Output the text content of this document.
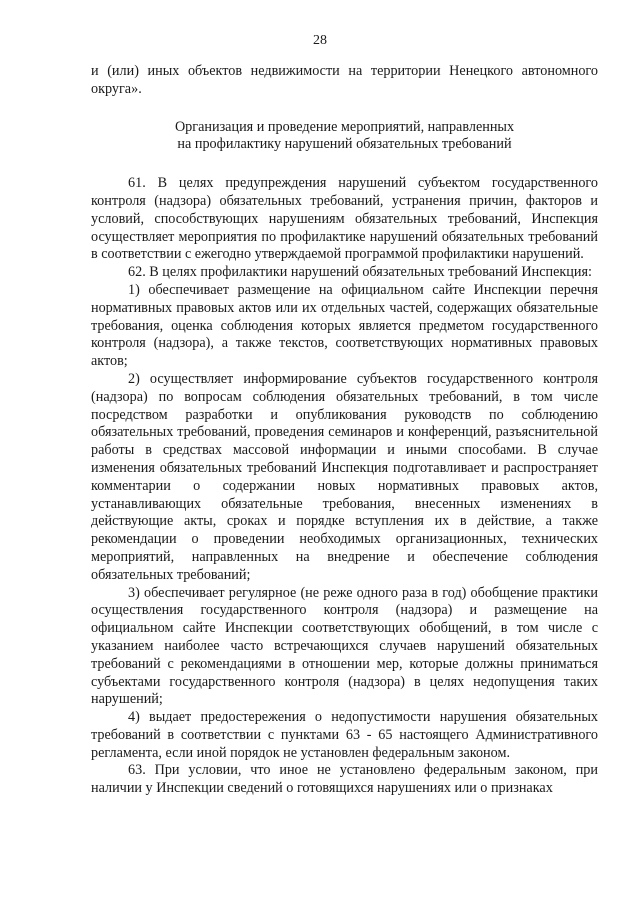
28

и (или) иных объектов недвижимости на территории Ненецкого автономного округа».

Организация и проведение мероприятий, направленных
на профилактику нарушений обязательных требований

61. В целях предупреждения нарушений субъектом государственного контроля (надзора) обязательных требований, устранения причин, факторов и условий, способствующих нарушениям обязательных требований, Инспекция осуществляет мероприятия по профилактике нарушений обязательных требований в соответствии с ежегодно утверждаемой программой профилактики нарушений.

62. В целях профилактики нарушений обязательных требований Инспекция:

1) обеспечивает размещение на официальном сайте Инспекции перечня нормативных правовых актов или их отдельных частей, содержащих обязательные требования, оценка соблюдения которых является предметом государственного контроля (надзора), а также текстов, соответствующих нормативных правовых актов;

2) осуществляет информирование субъектов государственного контроля (надзора) по вопросам соблюдения обязательных требований, в том числе посредством разработки и опубликования руководств по соблюдению обязательных требований, проведения семинаров и конференций, разъяснительной работы в средствах массовой информации и иными способами. В случае изменения обязательных требований Инспекция подготавливает и распространяет комментарии о содержании новых нормативных правовых актов, устанавливающих обязательные требования, внесенных изменениях в действующие акты, сроках и порядке вступления их в действие, а также рекомендации о проведении необходимых организационных, технических мероприятий, направленных на внедрение и обеспечение соблюдения обязательных требований;

3) обеспечивает регулярное (не реже одного раза в год) обобщение практики осуществления государственного контроля (надзора) и размещение на официальном сайте Инспекции соответствующих обобщений, в том числе с указанием наиболее часто встречающихся случаев нарушений обязательных требований с рекомендациями в отношении мер, которые должны приниматься субъектами государственного контроля (надзора) в целях недопущения таких нарушений;

4) выдает предостережения о недопустимости нарушения обязательных требований в соответствии с пунктами 63 - 65 настоящего Административного регламента, если иной порядок не установлен федеральным законом.

63. При условии, что иное не установлено федеральным законом, при наличии у Инспекции сведений о готовящихся нарушениях или о признаках
